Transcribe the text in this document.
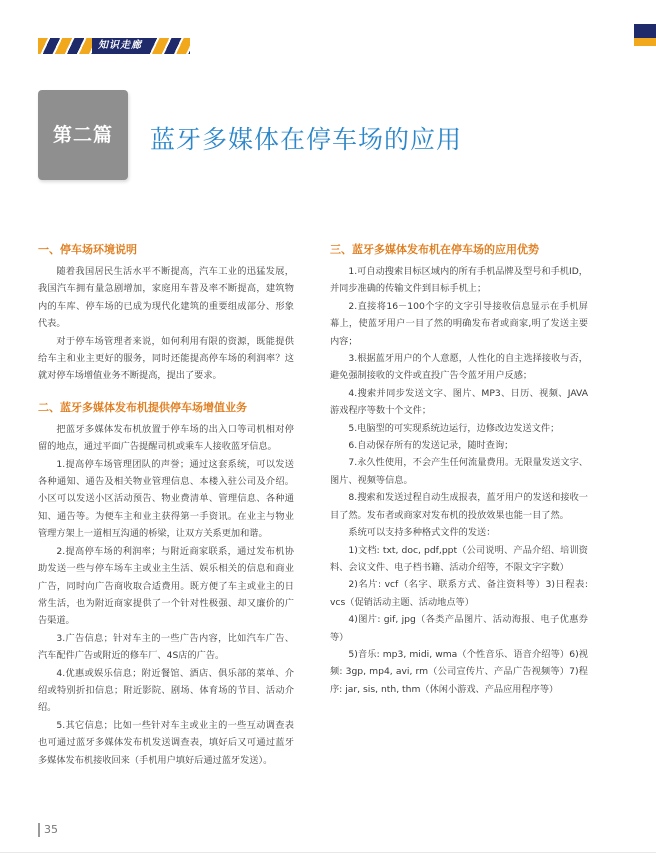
知识走廊
第二篇	蓝牙多媒体在停车场的应用
一、停车场环境说明

随着我国居民生活水平不断提高，汽车工业的迅猛发展，我国汽车拥有量急剧增加，家庭用车普及率不断提高，建筑物内的车库、停车场的已成为现代化建筑的重要组成部分、形象代表。

对于停车场管理者来说，如何利用有限的资源，既能提供给车主和业主更好的服务，同时还能提高停车场的利润率？这就对停车场增值业务不断提高，提出了要求。

二、蓝牙多媒体发布机提供停车场增值业务

把蓝牙多媒体发布机放置于停车场的出入口等司机相对停留的地点，通过平面广告提醒司机或乘车人接收蓝牙信息。

1.提高停车场管理团队的声誉；通过这套系统，可以发送各种通知、通告及相关物业管理信息、本楼入驻公司及介绍。小区可以发送小区活动预告、物业费清单、管理信息、各种通知、通告等。为便车主和业主获得第一手资讯。在业主与物业管理方架上一道相互沟通的桥梁，让双方关系更加和谐。

2.提高停车场的利润率；与附近商家联系，通过发布机协助发送一些与停车场车主或业主生活、娱乐相关的信息和商业广告，同时向广告商收取合适费用。既方便了车主或业主的日常生活，也为附近商家提供了一个针对性极强、却又廉价的广告渠道。

3.广告信息；针对车主的一些广告内容，比如汽车广告、汽车配件广告或附近的修车厂、4S店的广告。

4.优惠或娱乐信息；附近餐馆、酒店、俱乐部的菜单、介绍或特别折扣信息；附近影院、剧场、体育场的节目、活动介绍。

5.其它信息；比如一些针对车主或业主的一些互动调查表也可通过蓝牙多媒体发布机发送调查表，填好后又可通过蓝牙多媒体发布机接收回来（手机用户填好后通过蓝牙发送）。

三、蓝牙多媒体发布机在停车场的应用优势

1.可自动搜索目标区域内的所有手机品牌及型号和手机ID，并同步准确的传输文件到目标手机上；

2.直接将16－100个字的文字引导接收信息显示在手机屏幕上，使蓝牙用户一目了然的明确发布者或商家,明了发送主要内容；

3.根据蓝牙用户的个人意愿，人性化的自主选择接收与否，避免强制接收的文件或直投广告令蓝牙用户反感；

4.搜索并同步发送文字、图片、MP3、日历、视频、JAVA游戏程序等数十个文件；

5.电脑型的可实现系统边运行，边修改边发送文件；

6.自动保存所有的发送记录，随时查询；

7.永久性使用，不会产生任何流量费用。无限量发送文字、图片、视频等信息。

8.搜索和发送过程自动生成报表，蓝牙用户的发送和接收一目了然。发布者或商家对发布机的投放效果也能一目了然。

系统可以支持多种格式文件的发送：

1)文档: txt, doc, pdf,ppt（公司说明、产品介绍、培训资料、会议文件、电子档书籍、活动介绍等，不限文字字数）

2)名片: vcf（名字、联系方式、备注资料等）3)日程表: vcs（促销活动主题、活动地点等）

4)图片: gif, jpg（各类产品图片、活动海报、电子优惠券等）

5)音乐: mp3, midi, wma（个性音乐、语音介绍等）6)视频: 3gp, mp4, avi, rm（公司宣传片、产品广告视频等）7)程序: jar, sis, nth, thm（休闲小游戏、产品应用程序等）

35
